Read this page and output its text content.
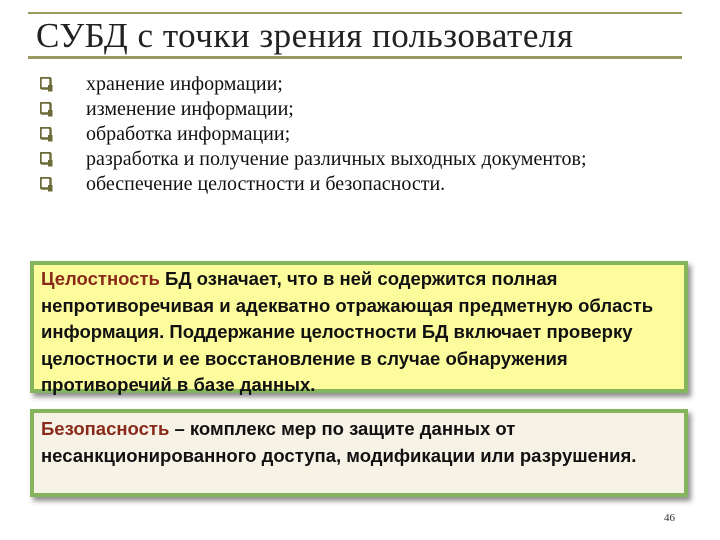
СУБД с точки зрения пользователя
хранение информации;
изменение информации;
обработка информации;
разработка и получение различных выходных документов;
обеспечение целостности и безопасности.
Целостность БД означает, что в ней содержится полная непротиворечивая и адекватно отражающая предметную область информация. Поддержание целостности БД включает проверку целостности и ее восстановление в случае обнаружения противоречий в базе данных.
Безопасность – комплекс мер по защите данных от несанкционированного доступа, модификации или разрушения.
46
